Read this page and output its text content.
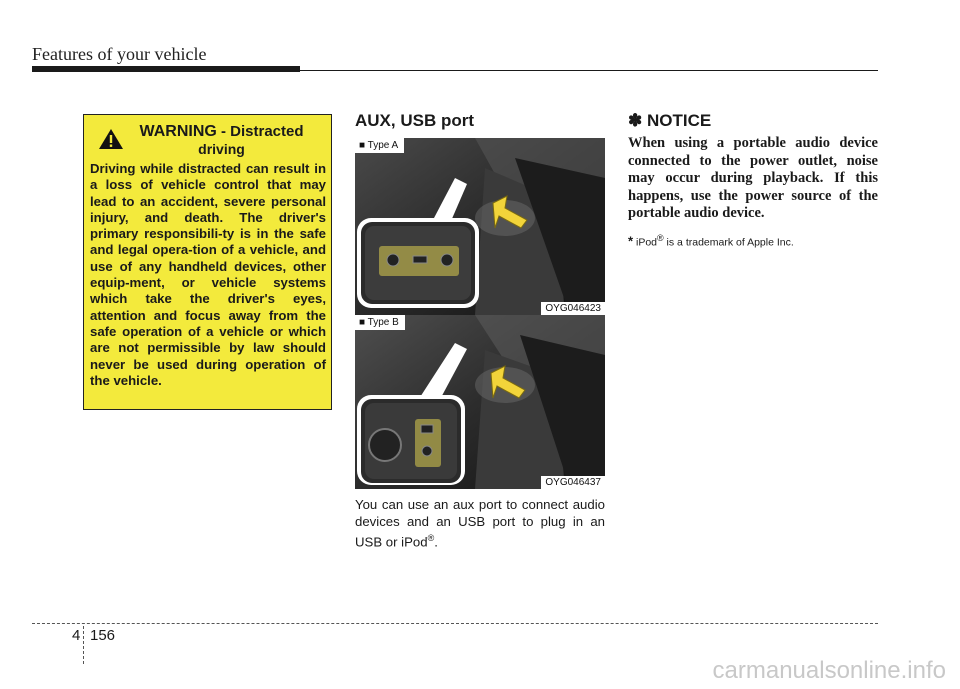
Features of your vehicle
WARNING - Distracted
driving
Driving while distracted can result in a loss of vehicle control that may lead to an accident, severe personal injury, and death. The driver's primary responsibili-ty is in the safe and legal opera-tion of a vehicle, and use of any handheld devices, other equip-ment, or vehicle systems which take the driver's eyes, attention and focus away from the safe operation of a vehicle or which are not permissible by law should never be used during operation of the vehicle.
AUX, USB port
■ Type A
OYG046423
■ Type B
OYG046437
You can use an aux port to connect audio devices and an USB port to plug in an USB or iPod®.
✽ NOTICE
When using a portable audio device connected to the power outlet, noise may occur during playback. If this happens, use the power source of the portable audio device.
* iPod® is a trademark of Apple Inc.
4 156
carmanualsonline.info
